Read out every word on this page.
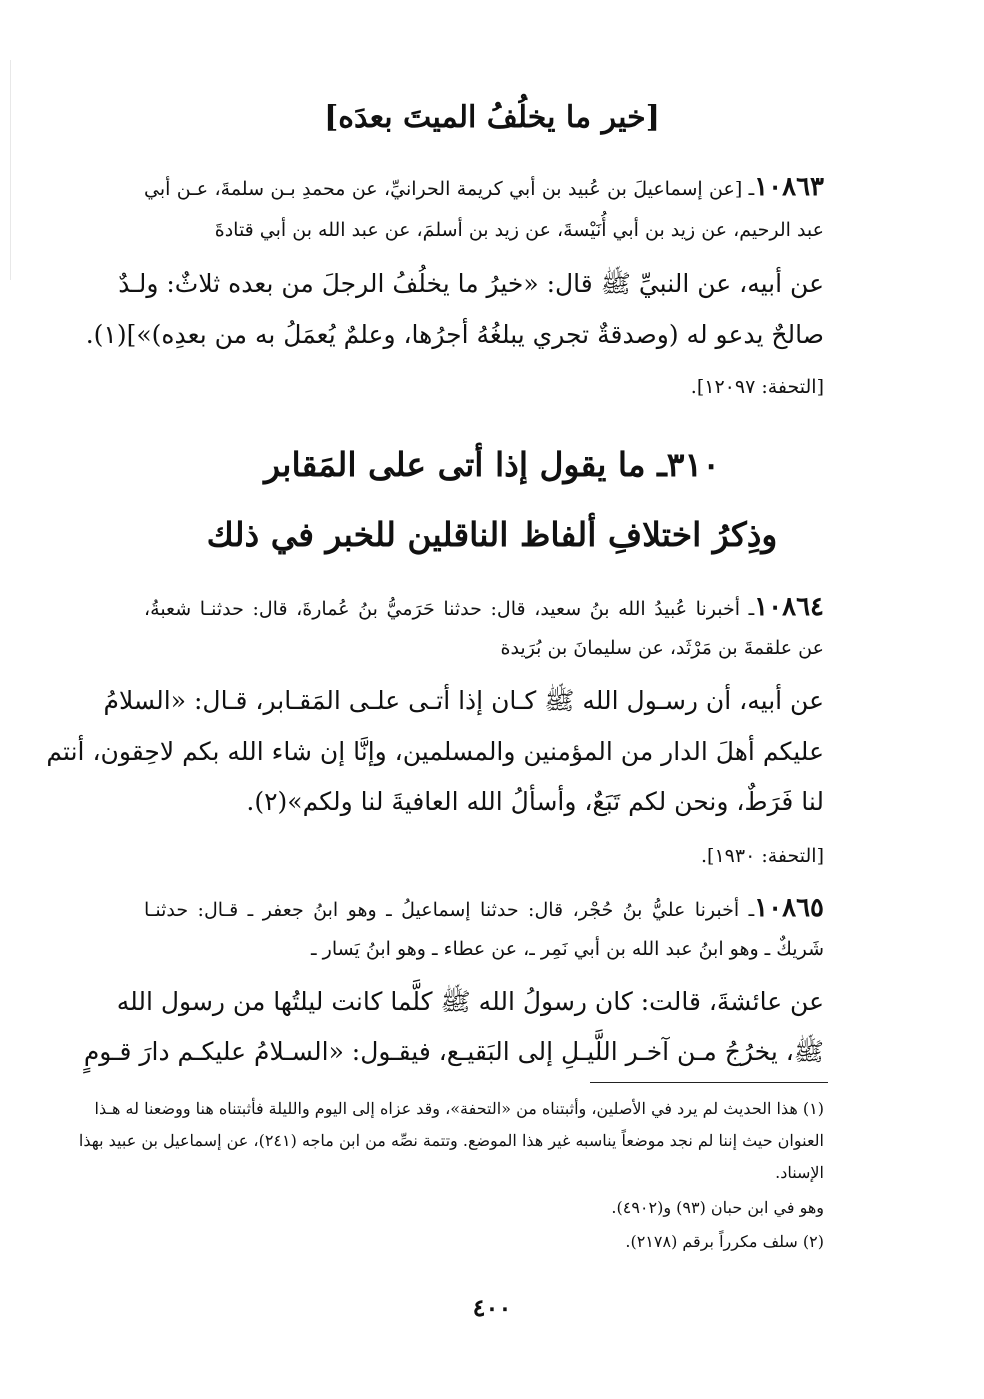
[خير ما يخلُفُ الميتَ بعدَه]
١٠٨٦٣ـ [عن إسماعيلَ بن عُبيد بن أبي كريمة الحرانيِّ، عن محمدِ بـن سلمةَ، عـن أبي
عبد الرحيم، عن زيد بن أبي أُنَيْسةَ، عن زيد بن أسلمَ، عن عبد الله بن أبي قتادةَ
عن أبيه، عن النبيِّ ﷺ قال: «خيرُ ما يخلُفُ الرجلَ من بعده ثلاثٌ: ولـدٌ
صالحٌ يدعو له (وصدقةٌ تجري يبلغُهُ أجرُها، وعلمٌ يُعمَلُ به من بعدِه)»](١).
[التحفة: ١٢٠٩٧].
٣١٠ـ ما يقول إذا أتى على المَقابر
وذِكرُ اختلافِ ألفاظ الناقلين للخبر في ذلك
١٠٨٦٤ـ أخبرنا عُبيدُ الله بنُ سعيد، قال: حدثنا حَرَميُّ بنُ عُمارةَ، قال: حدثنـا شعبةُ،
عن علقمةَ بن مَرْثَد، عن سليمانَ بن بُرَيدة
عن أبيه، أن رسـول الله ﷺ كـان إذا أتـى علـى المَقـابر، قـال: «السلامُ
عليكم أهلَ الدار من المؤمنين والمسلمين، وإنَّا إن شاء الله بكم لاحِقون، أنتم
لنا فَرَطٌ، ونحن لكم تَبَعٌ، وأسألُ الله العافيةَ لنا ولكم»(٢).
[التحفة: ١٩٣٠].
١٠٨٦٥ـ أخبرنا عليُّ بنُ حُجْر، قال: حدثنا إسماعيلُ ـ وهو ابنُ جعفر ـ قـال: حدثنـا
شَريكٌ ـ وهو ابنُ عبد الله بن أبي نَمِر ـ، عن عطاء ـ وهو ابنُ يَسار ـ
عن عائشةَ، قالت: كان رسولُ الله ﷺ كلَّما كانت ليلتُها من رسول الله
ﷺ، يخرُجُ مـن آخـر اللَّيـلِ إلى البَقيـع، فيقـول: «السـلامُ عليكـم دارَ قـومٍ
(١) هذا الحديث لم يرد في الأصلين، وأثبتناه من «التحفة»، وقد عزاه إلى اليوم والليلة فأثبتناه هنا ووضعنا له هـذا
العنوان حيث إننا لم نجد موضعاً يناسبه غير هذا الموضع. وتتمة نصِّه من ابن ماجه (٢٤١)، عن إسماعيل بن عبيد بهذا
الإسناد.
وهو في ابن حبان (٩٣) و(٤٩٠٢).
(٢) سلف مكرراً برقم (٢١٧٨).
٤٠٠
